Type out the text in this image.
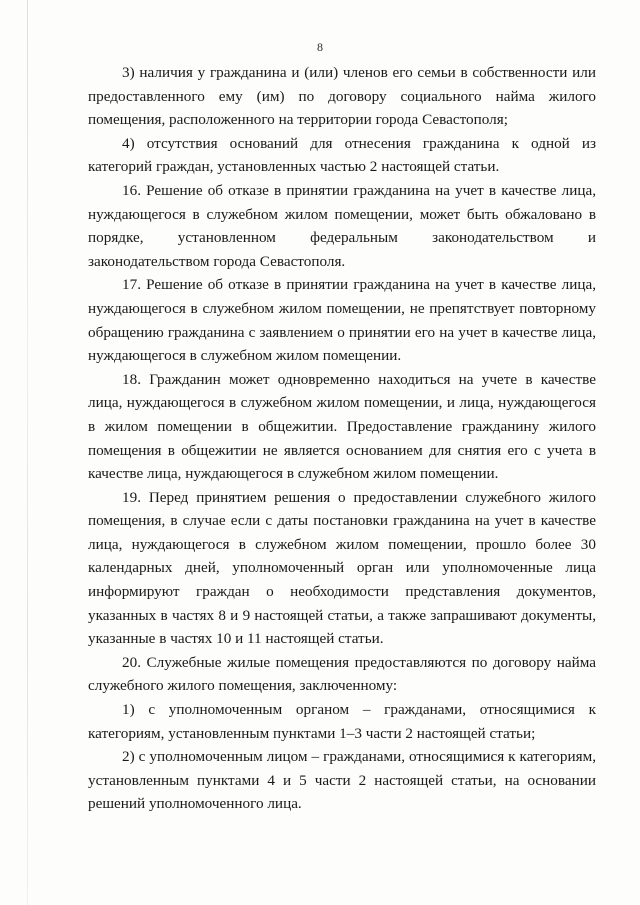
8

3) наличия у гражданина и (или) членов его семьи в собственности или предоставленного ему (им) по договору социального найма жилого помещения, расположенного на территории города Севастополя;

4) отсутствия оснований для отнесения гражданина к одной из категорий граждан, установленных частью 2 настоящей статьи.

16. Решение об отказе в принятии гражданина на учет в качестве лица, нуждающегося в служебном жилом помещении, может быть обжаловано в порядке, установленном федеральным законодательством и законодательством города Севастополя.

17. Решение об отказе в принятии гражданина на учет в качестве лица, нуждающегося в служебном жилом помещении, не препятствует повторному обращению гражданина с заявлением о принятии его на учет в качестве лица, нуждающегося в служебном жилом помещении.

18. Гражданин может одновременно находиться на учете в качестве лица, нуждающегося в служебном жилом помещении, и лица, нуждающегося в жилом помещении в общежитии. Предоставление гражданину жилого помещения в общежитии не является основанием для снятия его с учета в качестве лица, нуждающегося в служебном жилом помещении.

19. Перед принятием решения о предоставлении служебного жилого помещения, в случае если с даты постановки гражданина на учет в качестве лица, нуждающегося в служебном жилом помещении, прошло более 30 календарных дней, уполномоченный орган или уполномоченные лица информируют граждан о необходимости представления документов, указанных в частях 8 и 9 настоящей статьи, а также запрашивают документы, указанные в частях 10 и 11 настоящей статьи.

20. Служебные жилые помещения предоставляются по договору найма служебного жилого помещения, заключенному:

1) с уполномоченным органом – гражданами, относящимися к категориям, установленным пунктами 1–3 части 2 настоящей статьи;

2) с уполномоченным лицом – гражданами, относящимися к категориям, установленным пунктами 4 и 5 части 2 настоящей статьи, на основании решений уполномоченного лица.
